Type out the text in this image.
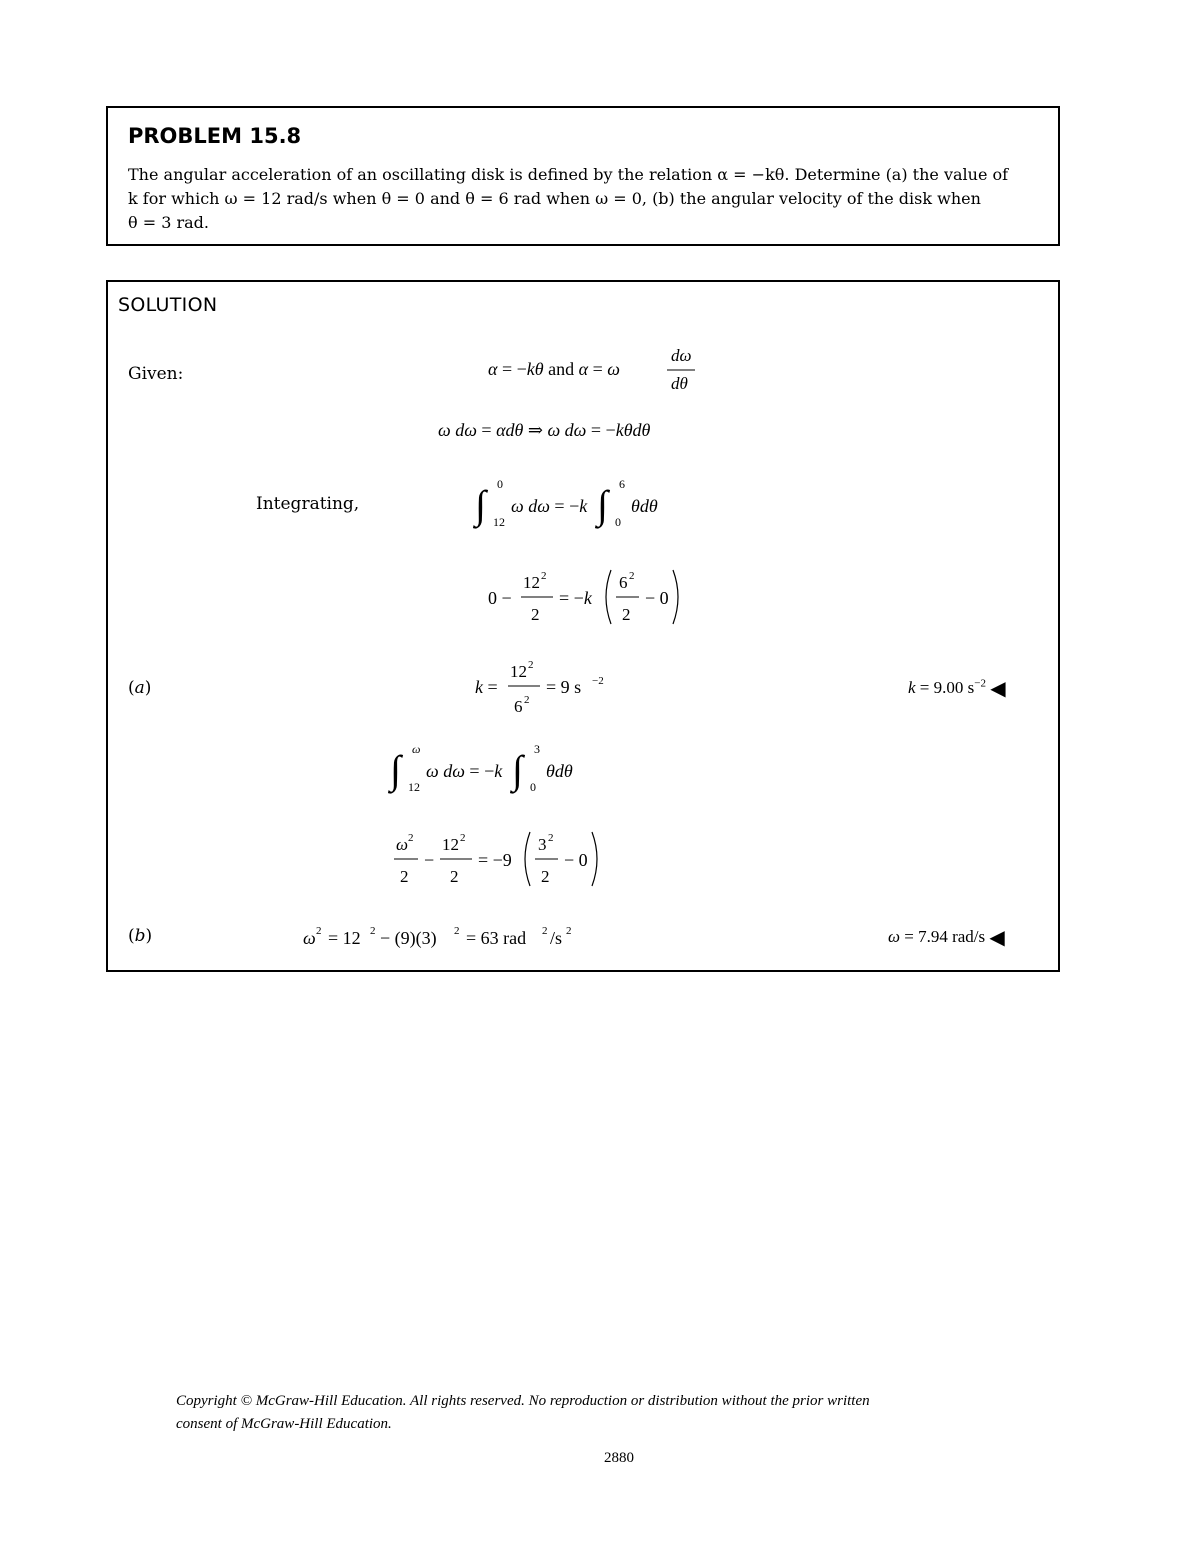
PROBLEM 15.8
The angular acceleration of an oscillating disk is defined by the relation α = −kθ. Determine (a) the value of
k for which ω = 12 rad/s when θ = 0 and θ = 6 rad when ω = 0, (b) the angular velocity of the disk when
θ = 3 rad.
SOLUTION
Given:	α = −kθ and α = ω
dω
dθ
ω dω = αdθ ⇒ ω dω = −kθdθ
Integrating,	∫ 0
12
ω dω = −k ∫ 6
0
θdθ
0 −
12 2
2
= −k
6 2
2
− 0
(a)	k =
12 2
6 2
= 9 s −2	k = 9.00 $s^{-2}$ ◀
∫ ω
12
ω dω = −k ∫ 3
0
θdθ
ω 2
2
−
12 2
2
= −9
3 2
2
− 0
(b)	ω 2 = 12 2 − (9)(3) 2 = 63 rad 2 /s 2	ω = 7.94 rad/s ◀
Copyright © McGraw-Hill Education. All rights reserved. No reproduction or distribution without the prior written
consent of McGraw-Hill Education.
2880
